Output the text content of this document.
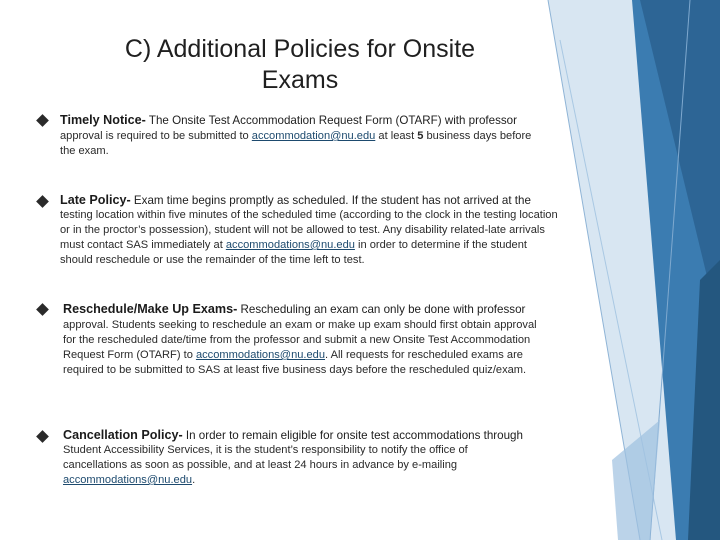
C) Additional Policies for Onsite
Exams
Timely Notice- The Onsite Test Accommodation Request Form (OTARF) with professor
approval is required to be submitted to accommodation@nu.edu at least 5 business days before the exam.
Late Policy- Exam time begins promptly as scheduled. If the student has not arrived at the
testing location within five minutes of the scheduled time (according to the clock in the testing location or in the proctor’s possession), student will not be allowed to test. Any disability related-late arrivals must contact SAS immediately at accommodations@nu.edu in order to determine if the student should reschedule or use the remainder of the time left to test.
Reschedule/Make Up Exams- Rescheduling an exam can only be done with professor
approval. Students seeking to reschedule an exam or make up exam should first obtain approval for the rescheduled date/time from the professor and submit a new Onsite Test Accommodation Request Form (OTARF) to accommodations@nu.edu. All requests for rescheduled exams are required to be submitted to SAS at least five business days before the rescheduled quiz/exam.
Cancellation Policy- In order to remain eligible for onsite test accommodations through
Student Accessibility Services, it is the student’s responsibility to notify the office of cancellations as soon as possible, and at least 24 hours in advance by e-mailing accommodations@nu.edu.
